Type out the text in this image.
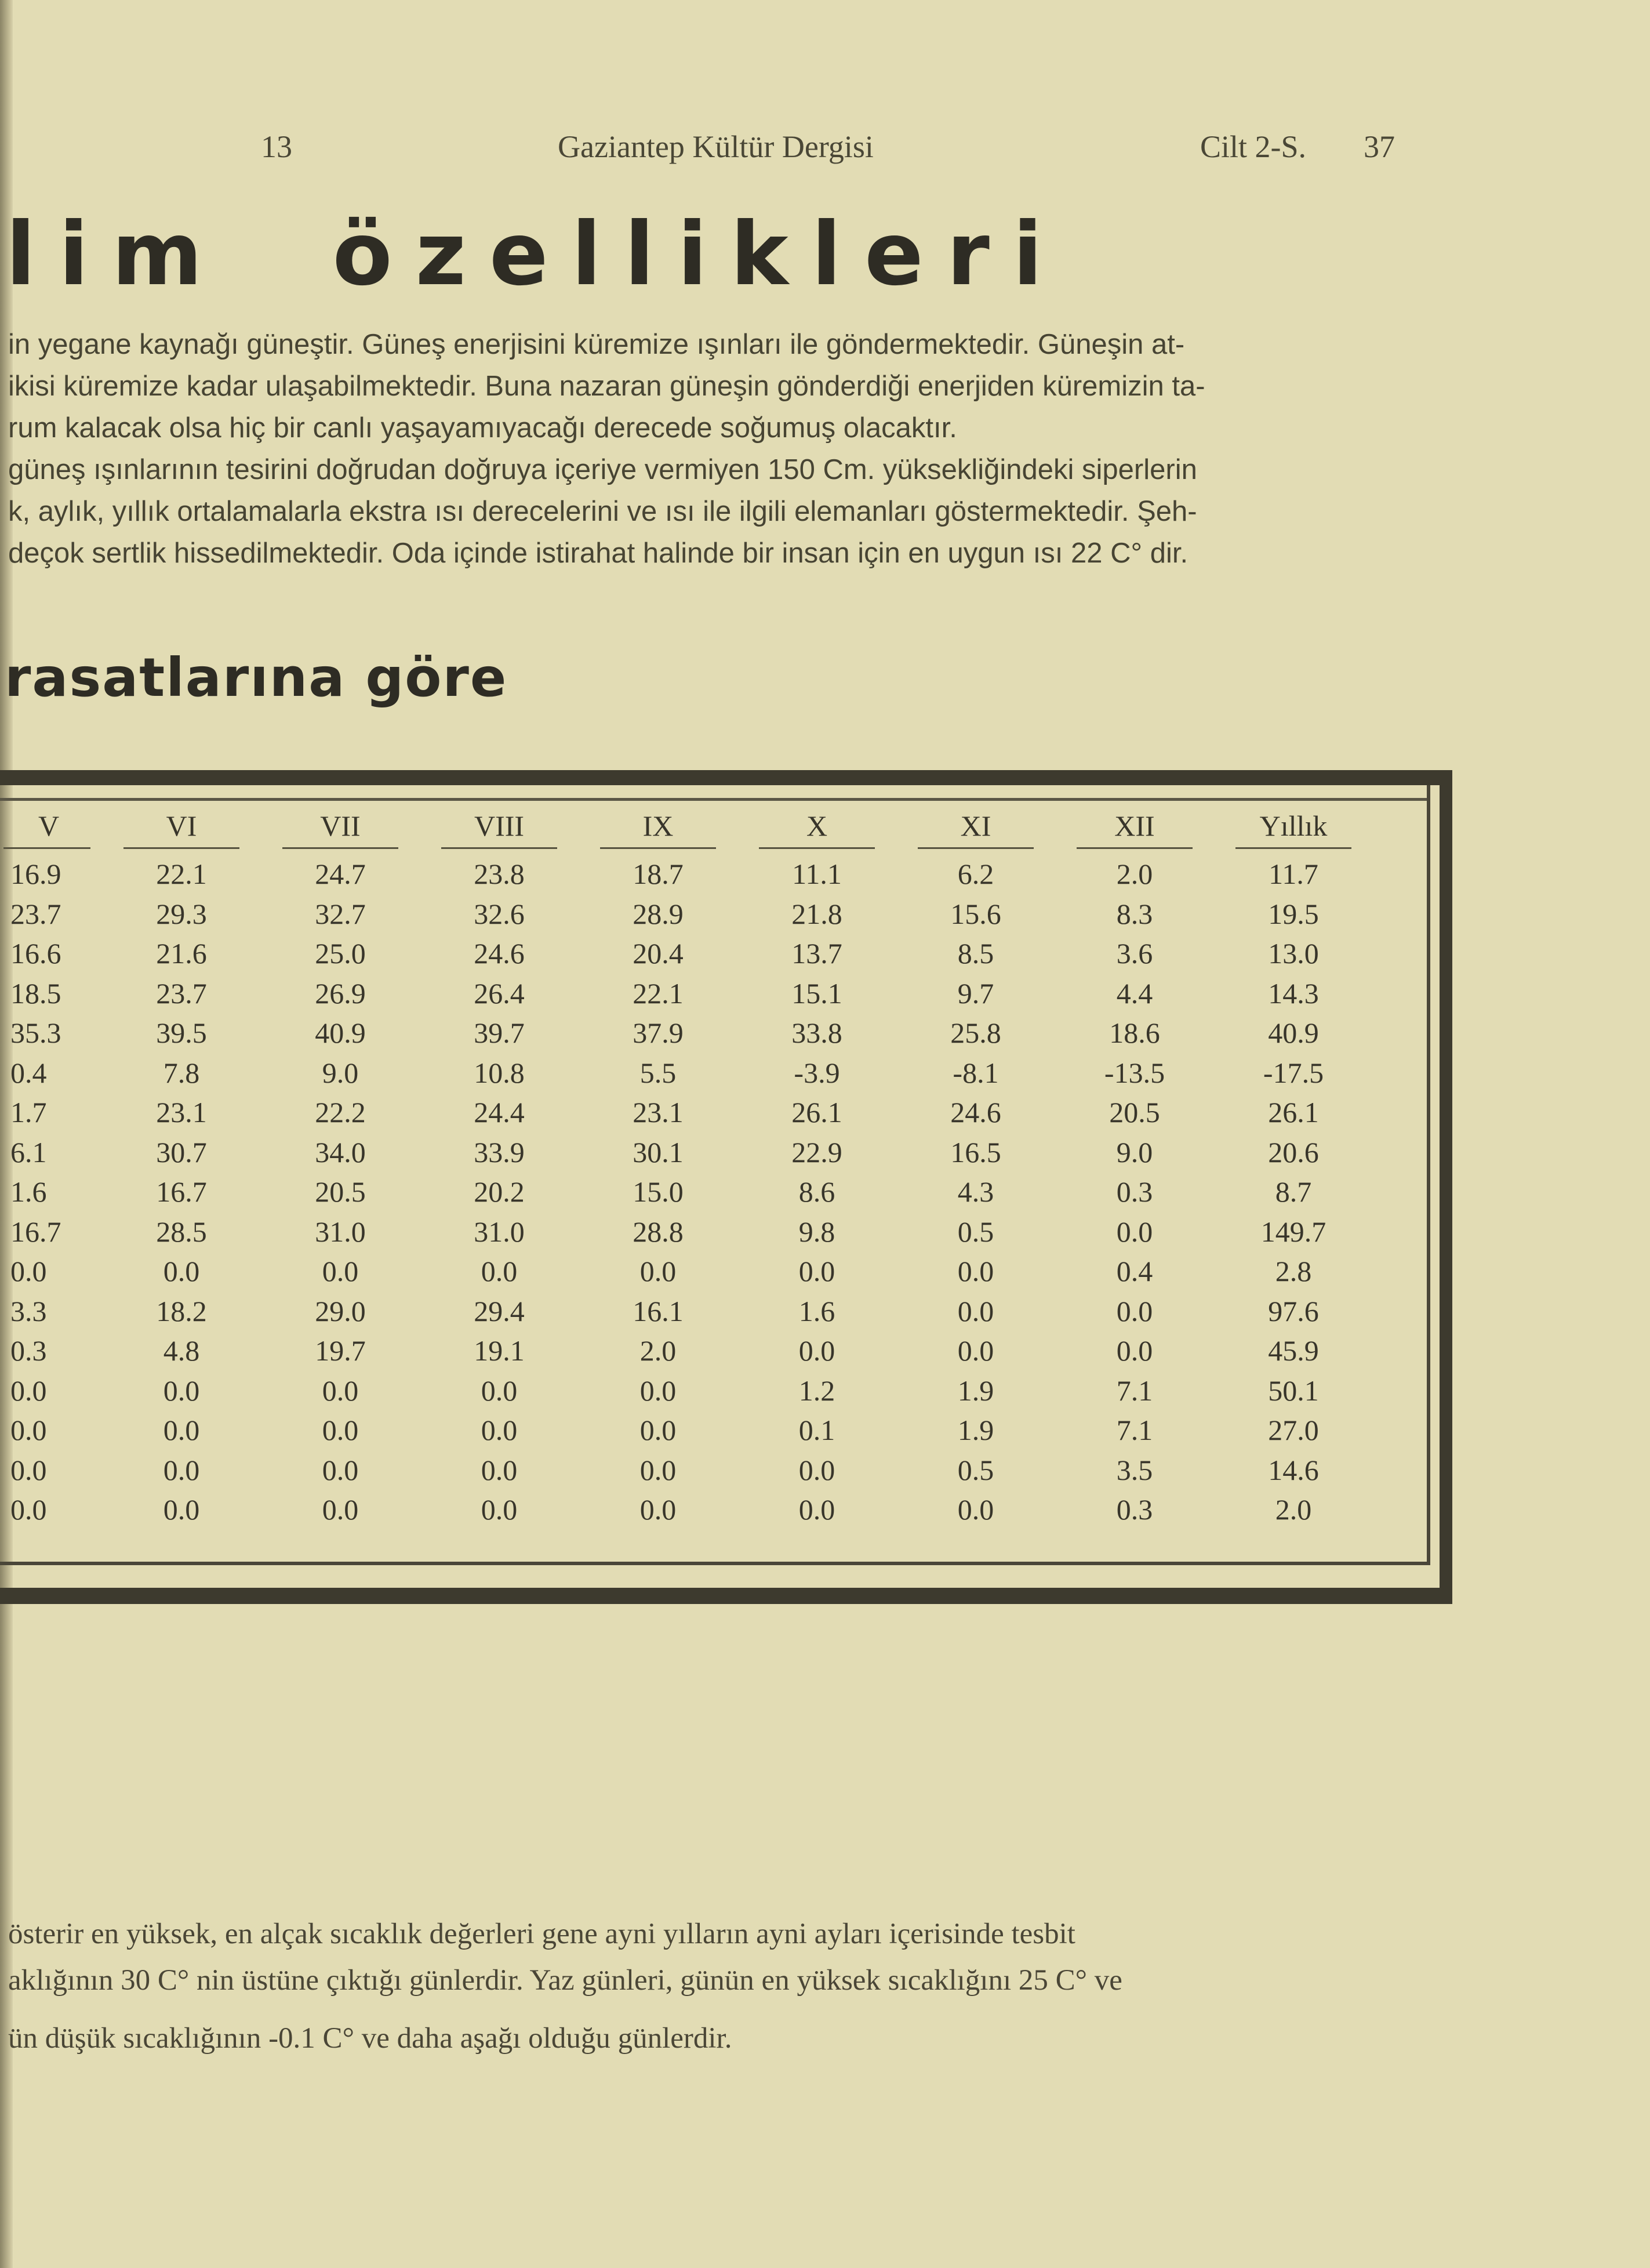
13	Gaziantep Kültür Dergisi	Cilt 2-S. 37
lim  özellikleri
in yegane kaynağı güneştir. Güneş enerjisini küremize ışınları ile göndermektedir. Güneşin at-
ikisi küremize kadar ulaşabilmektedir. Buna nazaran güneşin gönderdiği enerjiden küremizin ta-
rum kalacak olsa hiç bir canlı yaşayamıyacağı derecede soğumuş olacaktır.
güneş ışınlarının tesirini doğrudan doğruya içeriye vermiyen 150 Cm. yüksekliğindeki siperlerin
k, aylık, yıllık ortalamalarla ekstra ısı derecelerini ve ısı ile ilgili elemanları göstermektedir. Şeh-
deçok sertlik hissedilmektedir. Oda içinde istirahat halinde bir insan için en uygun ısı 22 C° dir.
rasatlarına göre
V	VI	VII	VIII	IX	X	XI	XII	Yıllık

16.9	22.1	24.7	23.8	18.7	11.1	6.2	2.0	11.7
23.7	29.3	32.7	32.6	28.9	21.8	15.6	8.3	19.5
16.6	21.6	25.0	24.6	20.4	13.7	8.5	3.6	13.0
18.5	23.7	26.9	26.4	22.1	15.1	9.7	4.4	14.3
35.3	39.5	40.9	39.7	37.9	33.8	25.8	18.6	40.9
0.4	7.8	9.0	10.8	5.5	-3.9	-8.1	-13.5	-17.5
1.7	23.1	22.2	24.4	23.1	26.1	24.6	20.5	26.1
6.1	30.7	34.0	33.9	30.1	22.9	16.5	9.0	20.6
1.6	16.7	20.5	20.2	15.0	8.6	4.3	0.3	8.7
16.7	28.5	31.0	31.0	28.8	9.8	0.5	0.0	149.7
0.0	0.0	0.0	0.0	0.0	0.0	0.0	0.4	2.8
3.3	18.2	29.0	29.4	16.1	1.6	0.0	0.0	97.6
0.3	4.8	19.7	19.1	2.0	0.0	0.0	0.0	45.9
0.0	0.0	0.0	0.0	0.0	1.2	1.9	7.1	50.1
0.0	0.0	0.0	0.0	0.0	0.1	1.9	7.1	27.0
0.0	0.0	0.0	0.0	0.0	0.0	0.5	3.5	14.6
0.0	0.0	0.0	0.0	0.0	0.0	0.0	0.3	2.0
österir en yüksek, en alçak sıcaklık değerleri gene ayni yılların ayni ayları içerisinde tesbit
aklığının 30 C° nin üstüne çıktığı günlerdir. Yaz günleri, günün en yüksek sıcaklığını 25 C° ve
ün düşük sıcaklığının -0.1 C° ve daha aşağı olduğu günlerdir.
